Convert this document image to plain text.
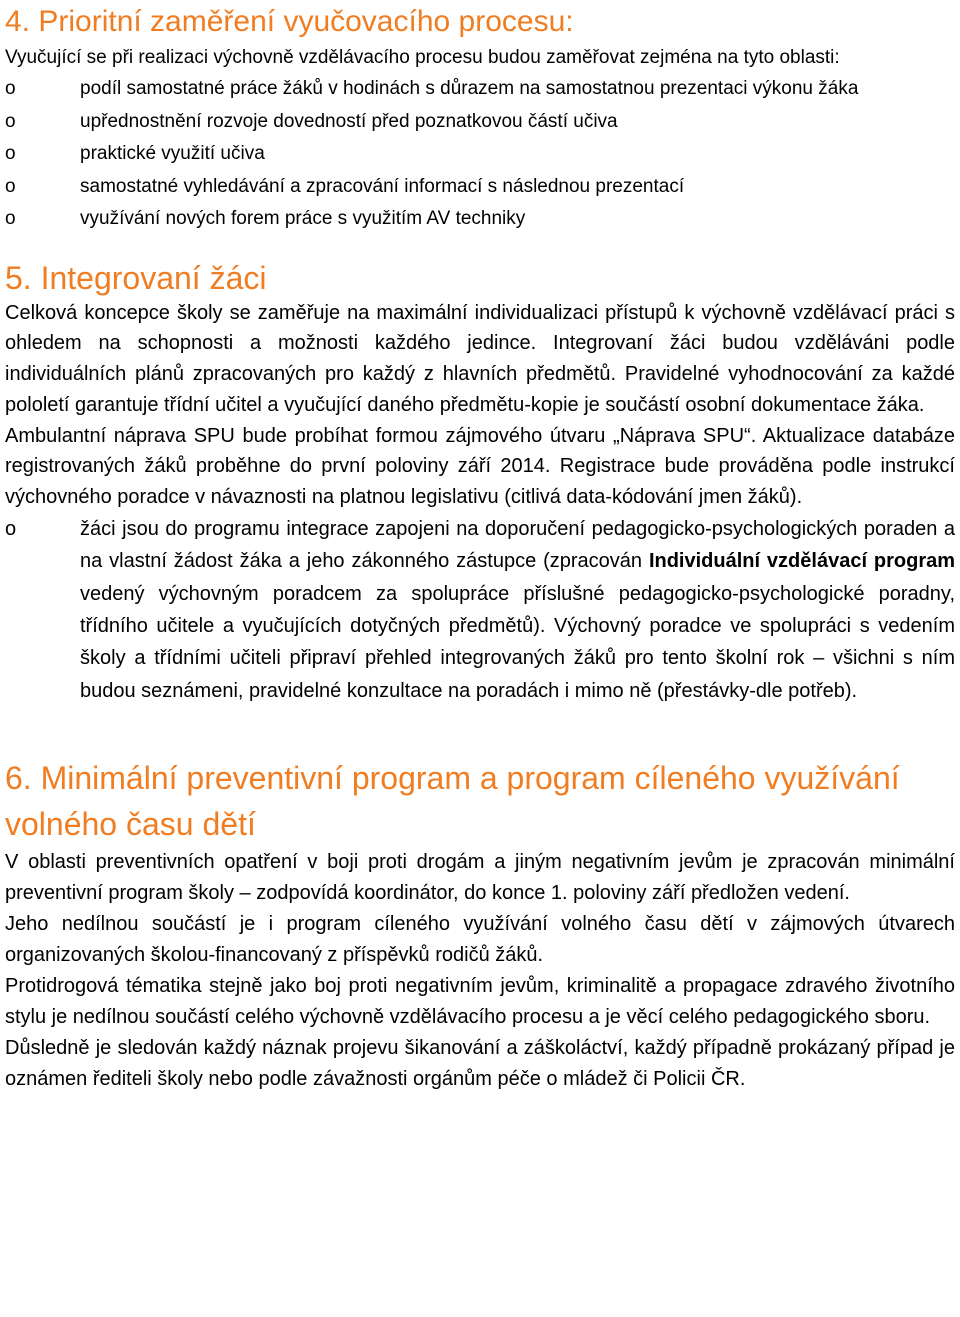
4. Prioritní zaměření vyučovacího procesu:

Vyučující se při realizaci výchovně vzdělávacího procesu budou zaměřovat zejména na tyto oblasti:

o	podíl samostatné práce žáků v hodinách s důrazem na samostatnou prezentaci výkonu žáka
o	upřednostnění rozvoje dovedností před poznatkovou částí učiva
o	praktické využití učiva
o	samostatné vyhledávání a zpracování informací s následnou prezentací
o	využívání nových forem práce s využitím AV techniky
5. Integrovaní žáci

Celková koncepce školy se zaměřuje na maximální individualizaci přístupů k výchovně vzdělávací práci s ohledem na schopnosti a možnosti každého jedince. Integrovaní žáci budou vzděláváni podle individuálních plánů zpracovaných pro každý z hlavních předmětů. Pravidelné vyhodnocování za každé pololetí garantuje třídní učitel a vyučující daného předmětu-kopie je součástí osobní dokumentace žáka.

Ambulantní náprava SPU bude probíhat formou zájmového útvaru „Náprava SPU“. Aktualizace databáze registrovaných žáků proběhne do první poloviny září 2014. Registrace bude prováděna podle instrukcí výchovného poradce v návaznosti na platnou legislativu (citlivá data-kódování jmen žáků).

o	žáci jsou do programu integrace zapojeni na doporučení pedagogicko-psychologických poraden a na vlastní žádost žáka a jeho zákonného zástupce (zpracován Individuální vzdělávací program vedený výchovným poradcem za spolupráce příslušné pedagogicko-psychologické poradny, třídního učitele a vyučujících dotyčných předmětů). Výchovný poradce ve spolupráci s vedením školy a třídními učiteli připraví přehled integrovaných žáků pro tento školní rok – všichni s ním budou seznámeni, pravidelné konzultace na poradách i mimo ně (přestávky-dle potřeb).
6. Minimální preventivní program a program cíleného využívání volného času dětí

V oblasti preventivních opatření v boji proti drogám a jiným negativním jevům je zpracován minimální preventivní program školy – zodpovídá koordinátor, do konce 1. poloviny září předložen vedení.

Jeho nedílnou součástí je i program cíleného využívání volného času dětí v zájmových útvarech organizovaných školou-financovaný z příspěvků rodičů žáků.

Protidrogová tématika stejně jako boj proti negativním jevům, kriminalitě a propagace zdravého životního stylu je nedílnou součástí celého výchovně vzdělávacího procesu a je věcí celého pedagogického sboru.

Důsledně je sledován každý náznak projevu šikanování a záškoláctví, každý případně prokázaný případ je oznámen řediteli školy nebo podle závažnosti orgánům péče o mládež či Policii ČR.
